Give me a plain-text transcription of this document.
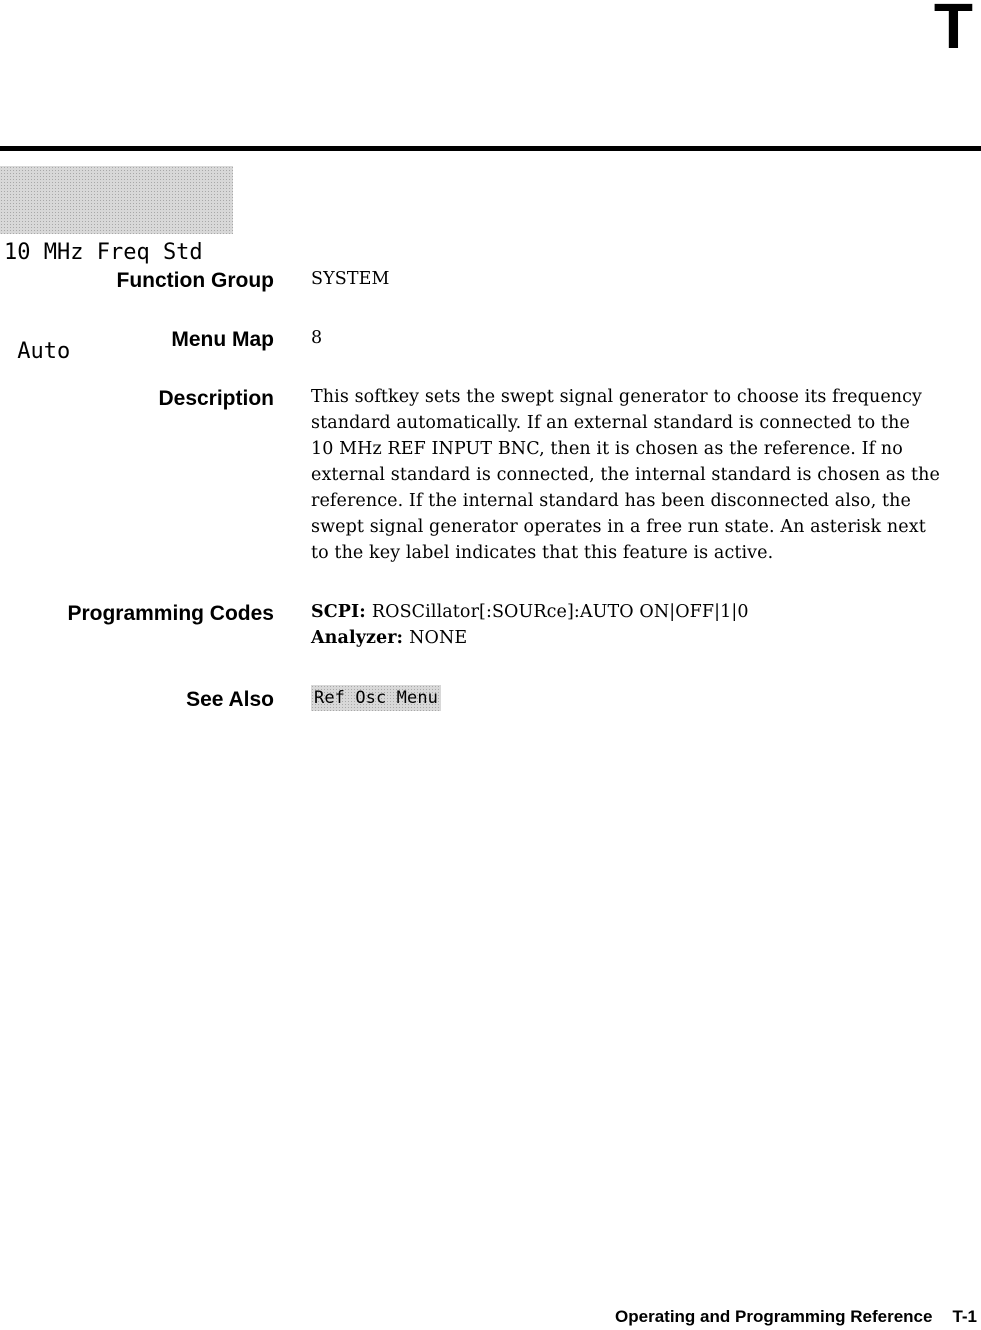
T

10 MHz Freq Std

Auto

Function Group SYSTEM
Menu Map 8
Description This softkey sets the swept signal generator to choose its frequency
standard automatically. If an external standard is connected to the
10 MHz REF INPUT BNC, then it is chosen as the reference. If no
external standard is connected, the internal standard is chosen as the
reference. If the internal standard has been disconnected also, the
swept signal generator operates in a free run state. An asterisk next
to the key label indicates that this feature is active.
Programming Codes SCPI: ROSCillator[:SOURce]:AUTO ON|OFF|1|0
Analyzer: NONE
See Also Ref Osc Menu
Operating and Programming Reference T-1
